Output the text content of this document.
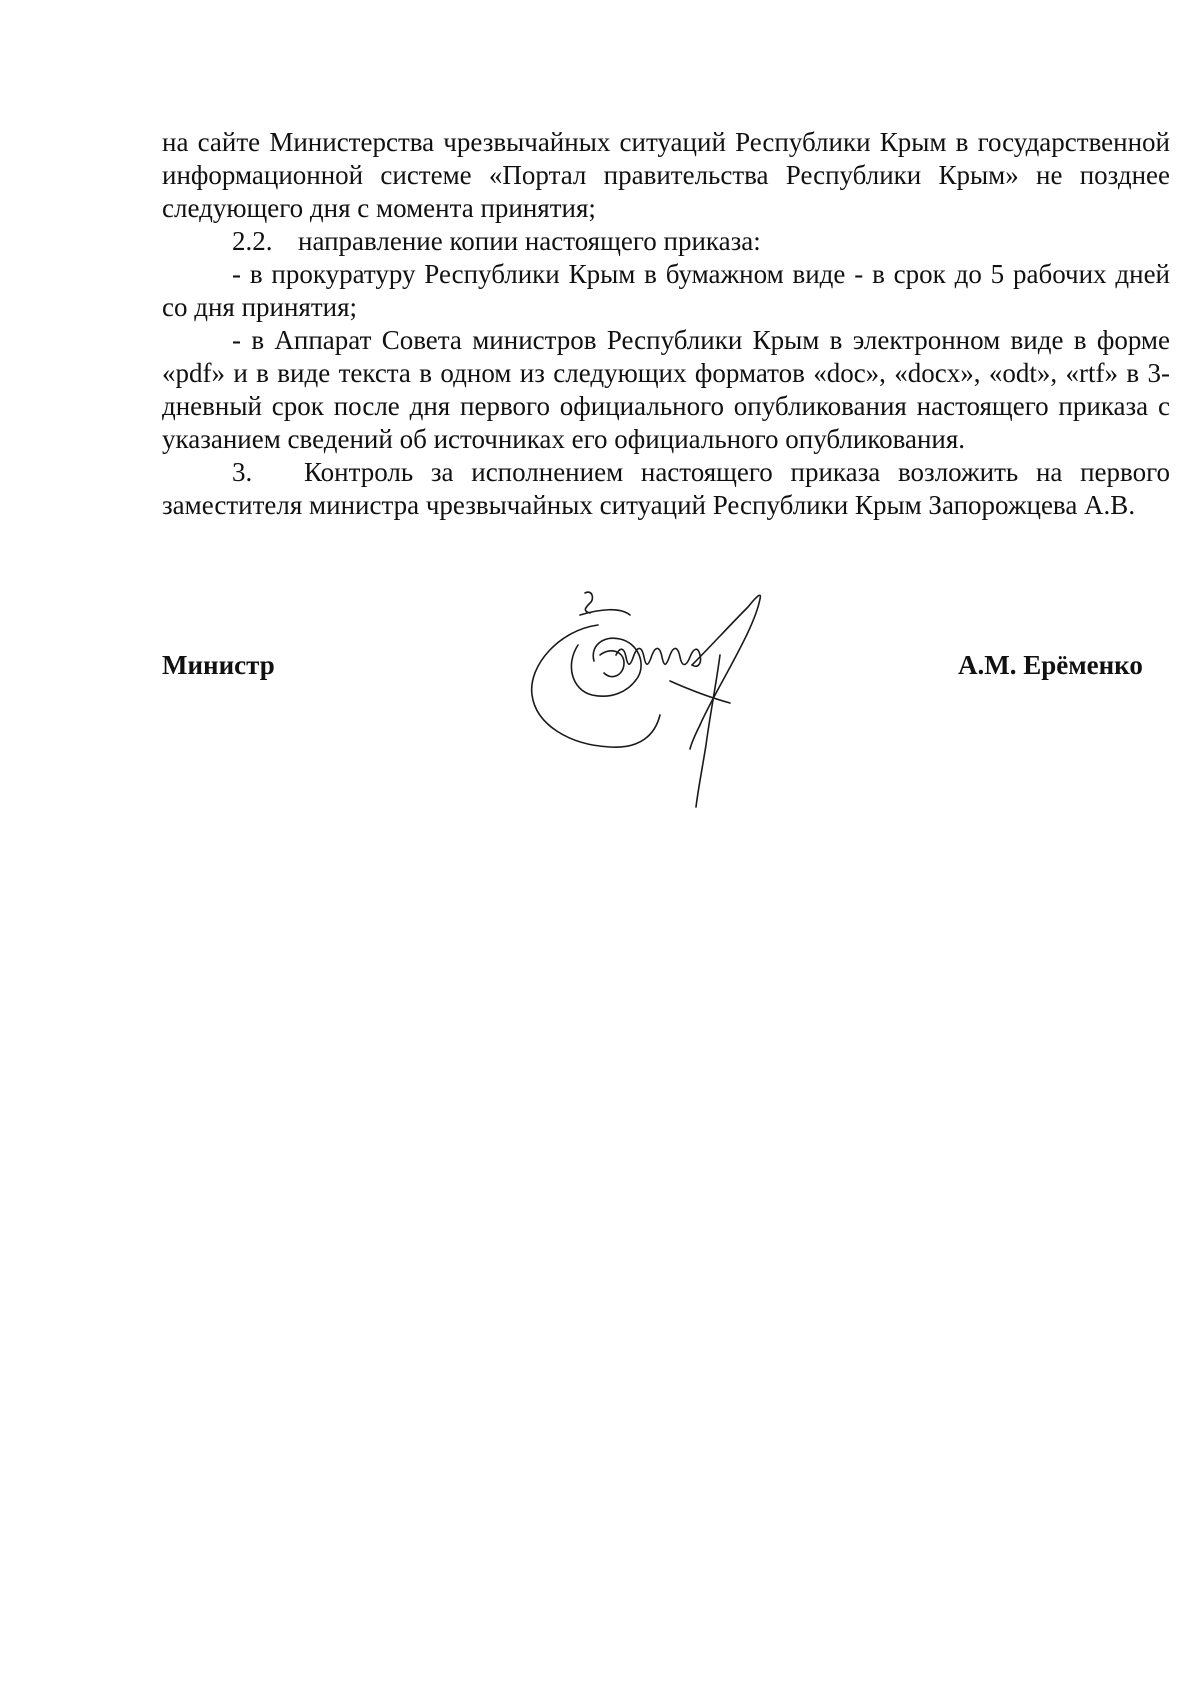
на сайте Министерства чрезвычайных ситуаций Республики Крым в государственной информационной системе «Портал правительства Республики Крым» не позднее следующего дня с момента принятия;

2.2. направление копии настоящего приказа:

- в прокуратуру Республики Крым в бумажном виде - в срок до 5 рабочих дней со дня принятия;

- в Аппарат Совета министров Республики Крым в электронном виде в форме «pdf» и в виде текста в одном из следующих форматов «doc», «docx», «odt», «rtf» в 3-дневный срок после дня первого официального опубликования настоящего приказа с указанием сведений об источниках его официального опубликования.

3. Контроль за исполнением настоящего приказа возложить на первого заместителя министра чрезвычайных ситуаций Республики Крым Запорожцева А.В.

Министр	А.М. Ерёменко
